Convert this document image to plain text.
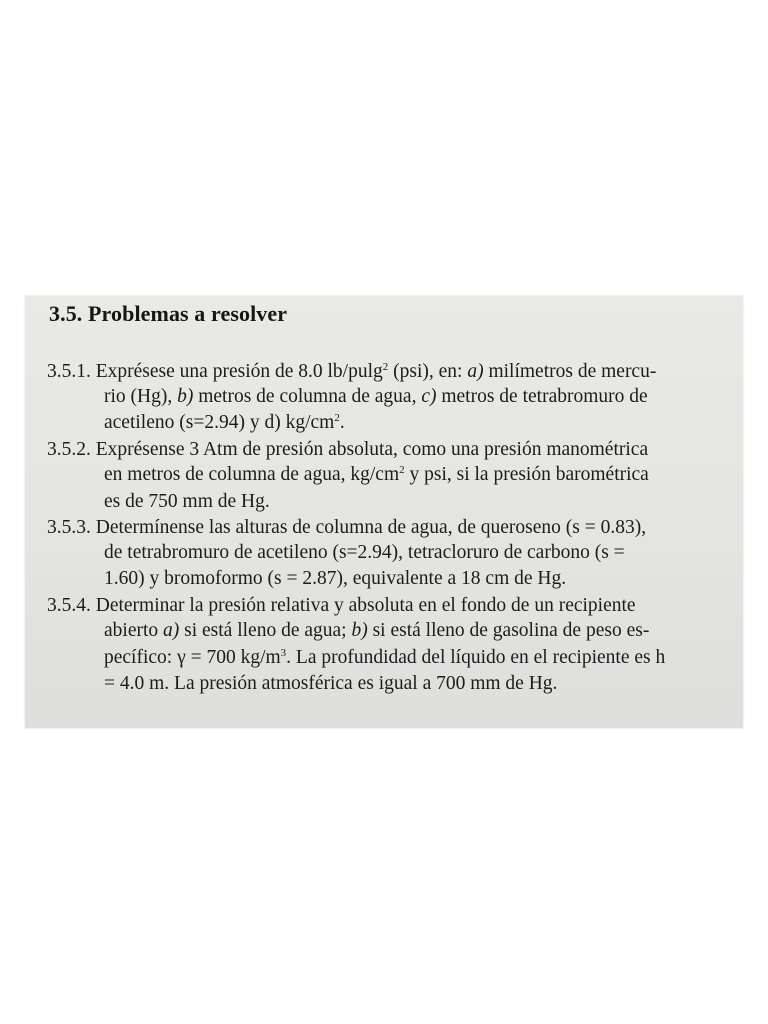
3.5. Problemas a resolver
3.5.1. Exprésese una presión de 8.0 lb/pulg$^2$ (psi), en: a) milímetros de mercu-
rio (Hg), b) metros de columna de agua, c) metros de tetrabromuro de
acetileno (s=2.94) y d) $kg/cm^2$.
3.5.2. Exprésense 3 Atm de presión absoluta, como una presión manométrica
en metros de columna de agua, $kg/cm^2$ y psi, si la presión barométrica
es de 750 mm de Hg.
3.5.3. Determínense las alturas de columna de agua, de queroseno (s = 0.83),
de tetrabromuro de acetileno (s=2.94), tetracloruro de carbono (s =
1.60) y bromoformo (s = 2.87), equivalente a 18 cm de Hg.
3.5.4. Determinar la presión relativa y absoluta en el fondo de un recipiente
abierto a) si está lleno de agua; b) si está lleno de gasolina de peso es-
pecífico: γ = 700 $kg/m^3$. La profundidad del líquido en el recipiente es h
= 4.0 m. La presión atmosférica es igual a 700 mm de Hg.
